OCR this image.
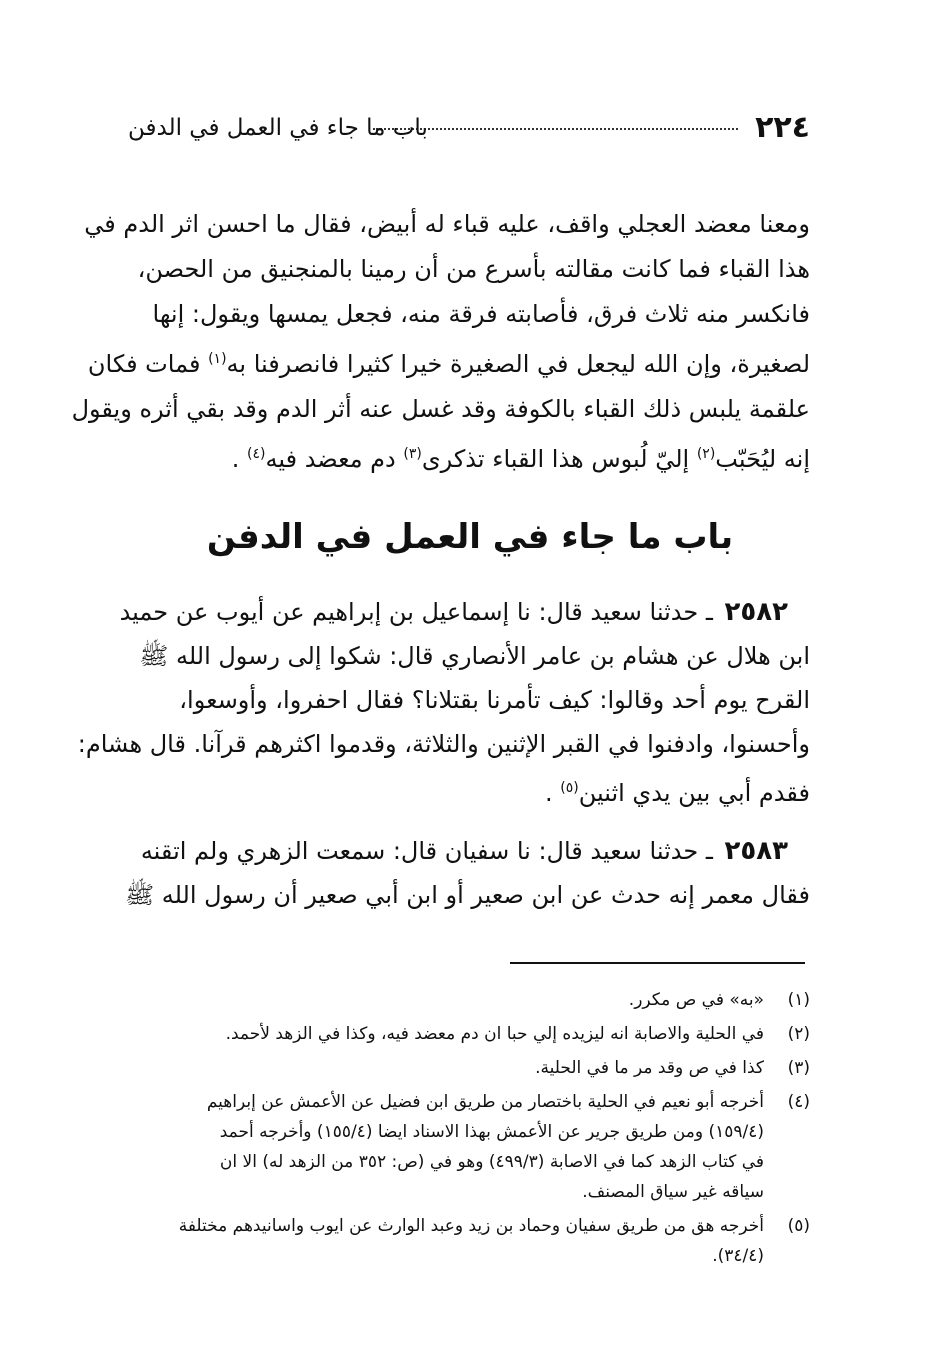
٢٢٤
باب ما جاء في العمل في الدفن
ومعنا معضد العجلي واقف، عليه قباء له أبيض، فقال ما احسن اثر الدم في
هذا القباء فما كانت مقالته بأسرع من أن رمينا بالمنجنيق من الحصن،
فانكسر منه ثلاث فرق، فأصابته فرقة منه، فجعل يمسها ويقول: إنها
لصغيرة، وإن الله ليجعل في الصغيرة خيرا كثيرا فانصرفنا به$^{(١)}$ فمات فكان
علقمة يلبس ذلك القباء بالكوفة وقد غسل عنه أثر الدم وقد بقي أثره ويقول
إنه ليُحَبّب$^{(٢)}$ إليّ لُبوس هذا القباء تذكرى$^{(٣)}$ دم معضد فيه$^{(٤)}$ .
باب ما جاء في العمل في الدفن
٢٥٨٢ ـ حدثنا سعيد قال: نا إسماعيل بن إبراهيم عن أيوب عن حميد
ابن هلال عن هشام بن عامر الأنصاري قال: شكوا إلى رسول الله ﷺ
القرح يوم أحد وقالوا: كيف تأمرنا بقتلانا؟ فقال احفروا، وأوسعوا،
وأحسنوا، وادفنوا في القبر الإثنين والثلاثة، وقدموا اكثرهم قرآنا. قال هشام:
فقدم أبي بين يدي اثنين$^{(٥)}$ .
٢٥٨٣ ـ حدثنا سعيد قال: نا سفيان قال: سمعت الزهري ولم اتقنه
فقال معمر إنه حدث عن ابن صعير أو ابن أبي صعير أن رسول الله ﷺ
(١)
«به» في ص مكرر.
(٢)
في الحلية والاصابة انه ليزيده إلي حبا ان دم معضد فيه، وكذا في الزهد لأحمد.
(٣)
كذا في ص وقد مر ما في الحلية.
(٤)
أخرجه أبو نعيم في الحلية باختصار من طريق ابن فضيل عن الأعمش عن إبراهيم
(١٥٩/٤) ومن طريق جرير عن الأعمش بهذا الاسناد ايضا (١٥٥/٤) وأخرجه أحمد
في كتاب الزهد كما في الاصابة (٤٩٩/٣) وهو في (ص: ٣٥٢ من الزهد له) الا ان
سياقه غير سياق المصنف.
(٥)
أخرجه هق من طريق سفيان وحماد بن زيد وعبد الوارث عن ايوب واسانيدهم مختلفة
(٣٤/٤).
